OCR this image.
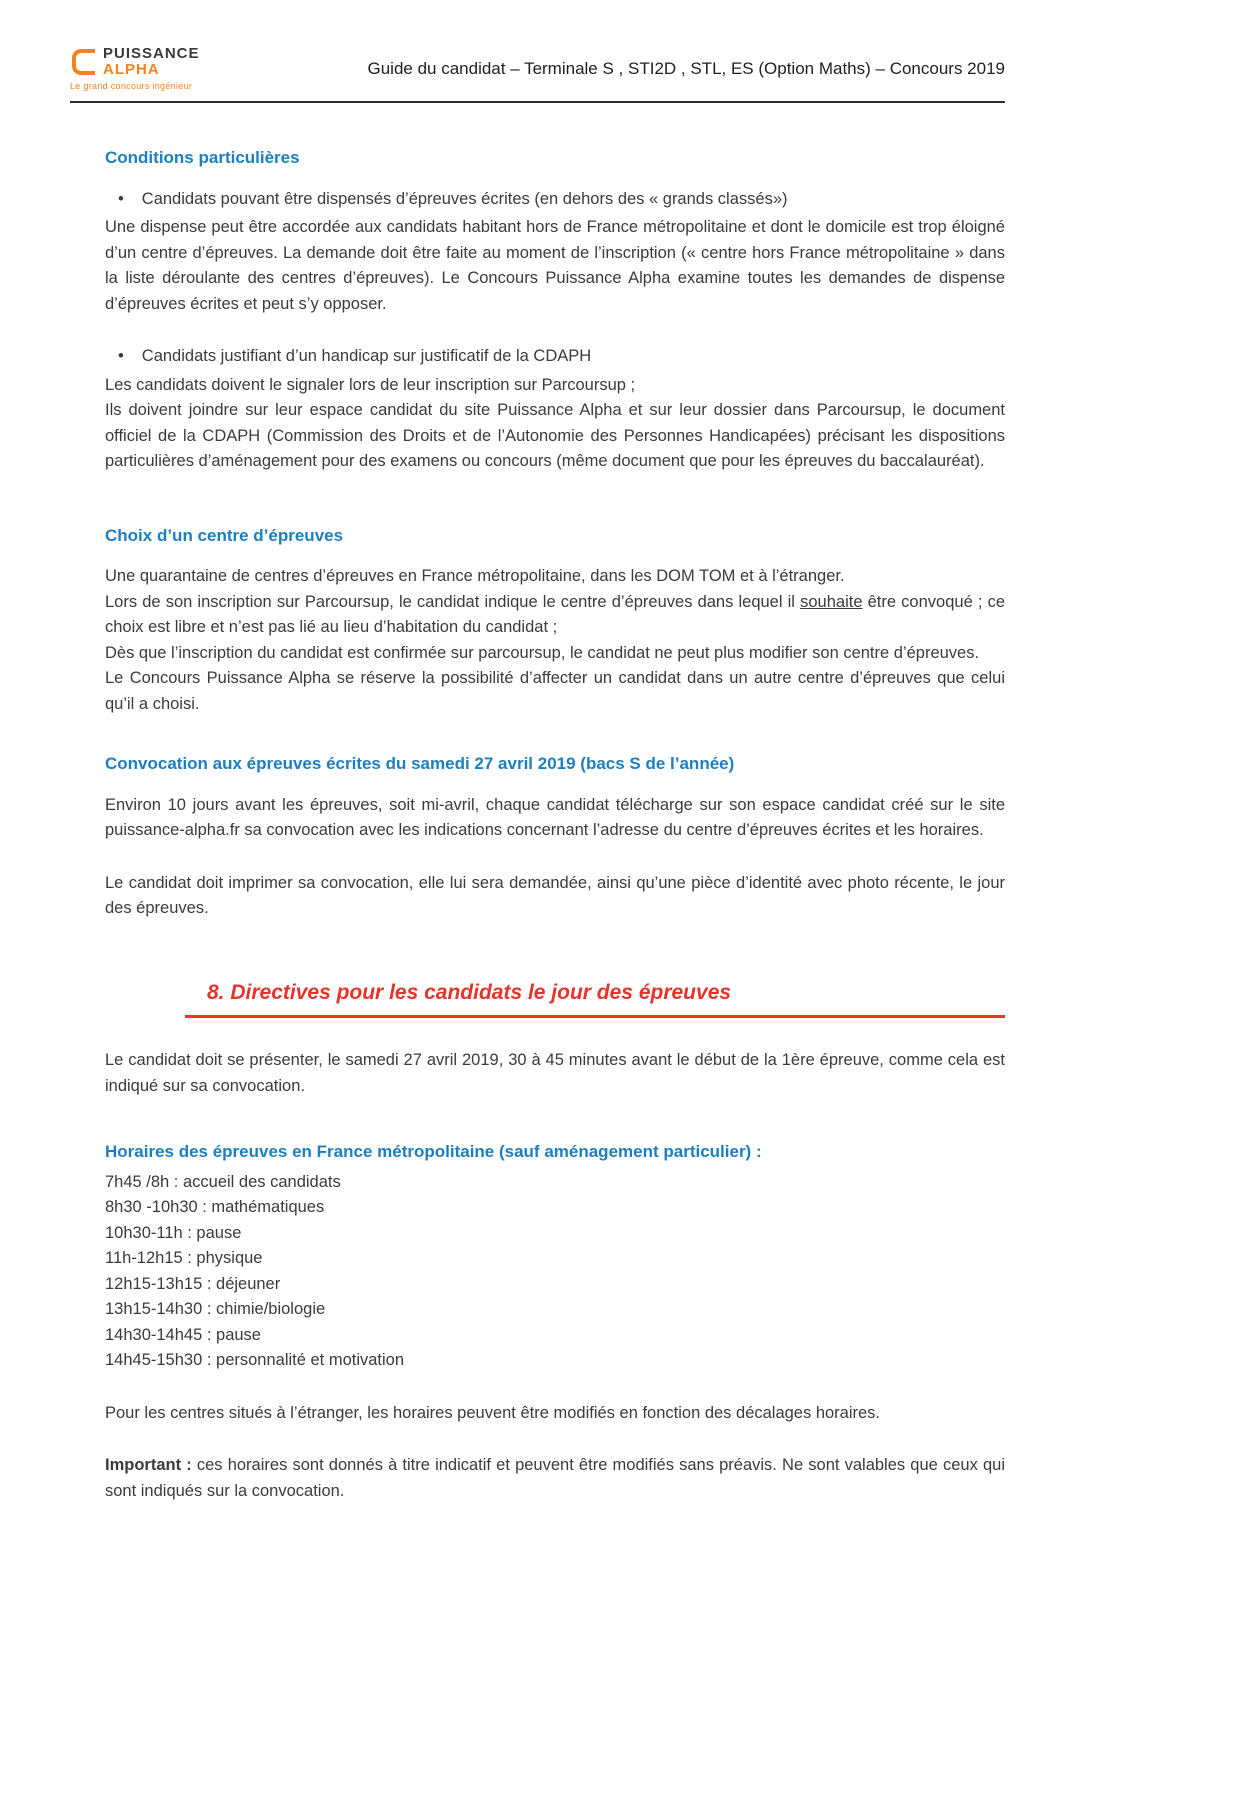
PUISSANCE
ALPHA
Le grand concours ingénieur
Guide du candidat – Terminale S , STI2D , STL, ES (Option Maths) – Concours 2019
Conditions particulières
• Candidats pouvant être dispensés d’épreuves écrites (en dehors des « grands classés»)

Une dispense peut être accordée aux candidats habitant hors de France métropolitaine et dont le domicile est trop éloigné d’un centre d’épreuves. La demande doit être faite au moment de l’inscription (« centre hors France métropolitaine » dans la liste déroulante des centres d’épreuves). Le Concours Puissance Alpha examine toutes les demandes de dispense d’épreuves écrites et peut s’y opposer.

• Candidats justifiant d’un handicap sur justificatif de la CDAPH

Les candidats doivent le signaler lors de leur inscription sur Parcoursup ;

Ils doivent joindre sur leur espace candidat du site Puissance Alpha et sur leur dossier dans Parcoursup, le document officiel de la CDAPH (Commission des Droits et de l’Autonomie des Personnes Handicapées) précisant les dispositions particulières d’aménagement pour des examens ou concours (même document que pour les épreuves du baccalauréat).

Choix d’un centre d’épreuves

Une quarantaine de centres d’épreuves en France métropolitaine, dans les DOM TOM et à l’étranger.

Lors de son inscription sur Parcoursup, le candidat indique le centre d’épreuves dans lequel il souhaite être convoqué ; ce choix est libre et n’est pas lié au lieu d’habitation du candidat ;

Dès que l’inscription du candidat est confirmée sur parcoursup, le candidat ne peut plus modifier son centre d’épreuves.

Le Concours Puissance Alpha se réserve la possibilité d’affecter un candidat dans un autre centre d’épreuves que celui qu’il a choisi.

Convocation aux épreuves écrites du samedi 27 avril 2019 (bacs S de l’année)

Environ 10 jours avant les épreuves, soit mi-avril, chaque candidat télécharge sur son espace candidat créé sur le site puissance-alpha.fr sa convocation avec les indications concernant l’adresse du centre d’épreuves écrites et les horaires.

Le candidat doit imprimer sa convocation, elle lui sera demandée, ainsi qu’une pièce d’identité avec photo récente, le jour des épreuves.

8. Directives pour les candidats le jour des épreuves

Le candidat doit se présenter, le samedi 27 avril 2019, 30 à 45 minutes avant le début de la 1ère épreuve, comme cela est indiqué sur sa convocation.

Horaires des épreuves en France métropolitaine (sauf aménagement particulier) :
7h45 /8h : accueil des candidats
8h30 -10h30 : mathématiques
10h30-11h : pause
11h-12h15 : physique
12h15-13h15 : déjeuner
13h15-14h30 : chimie/biologie
14h30-14h45 : pause
14h45-15h30 : personnalité et motivation

Pour les centres situés à l’étranger, les horaires peuvent être modifiés en fonction des décalages horaires.

Important : ces horaires sont donnés à titre indicatif et peuvent être modifiés sans préavis. Ne sont valables que ceux qui sont indiqués sur la convocation.
